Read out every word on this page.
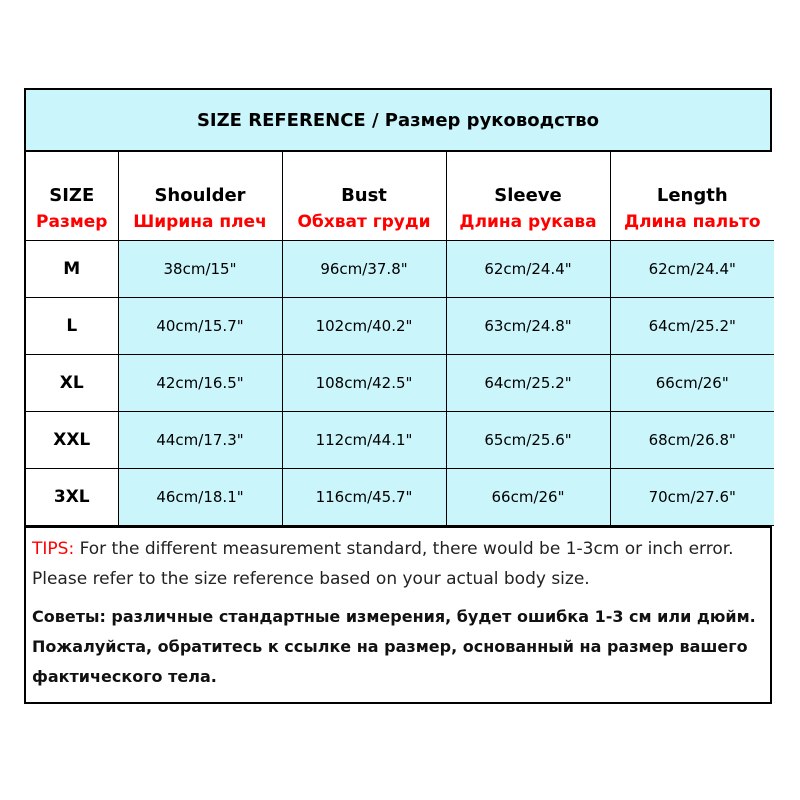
SIZE REFERENCE / Размер руководство
SIZE	Shoulder	Bust	Sleeve	Length
Размер	Ширина плеч	Обхват груди	Длина рукава	Длина пальто
M	38cm/15"	96cm/37.8"	62cm/24.4"	62cm/24.4"
L	40cm/15.7"	102cm/40.2"	63cm/24.8"	64cm/25.2"
XL	42cm/16.5"	108cm/42.5"	64cm/25.2"	66cm/26"
XXL	44cm/17.3"	112cm/44.1"	65cm/25.6"	68cm/26.8"
3XL	46cm/18.1"	116cm/45.7"	66cm/26"	70cm/27.6"
TIPS: For the different measurement standard, there would be 1-3cm or inch error. Please refer to the size reference based on your actual body size.
Советы: различные стандартные измерения, будет ошибка 1-3 см или дюйм. Пожалуйста, обратитесь к ссылке на размер, основанный на размер вашего фактического тела.
